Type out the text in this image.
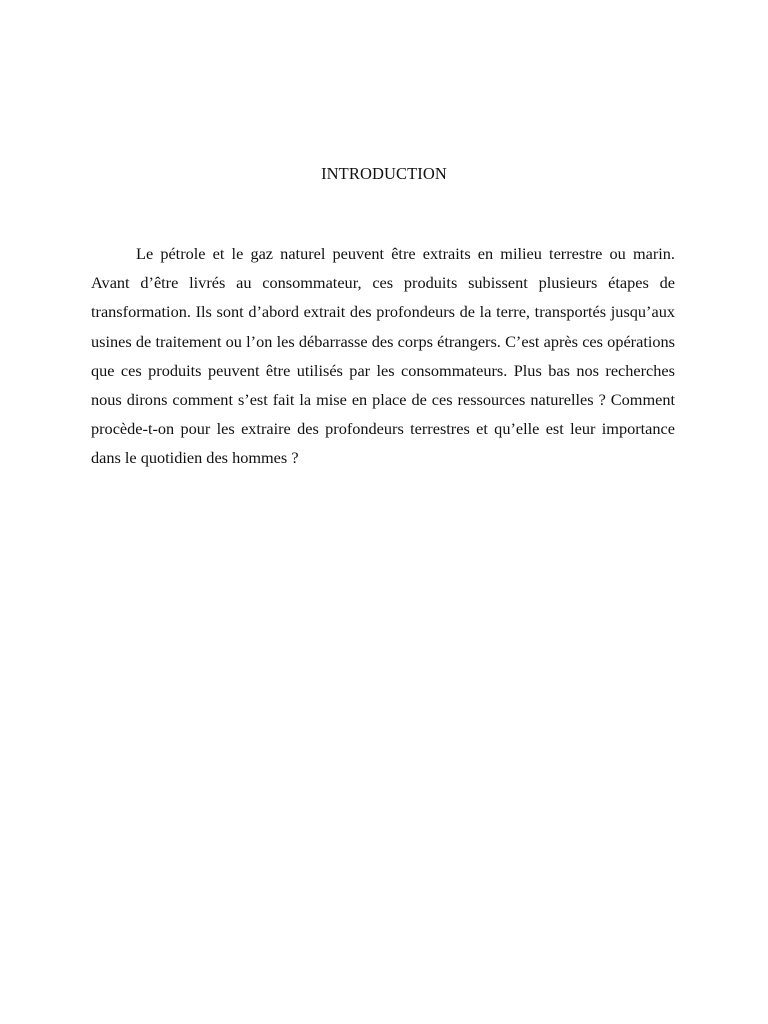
INTRODUCTION

Le pétrole et le gaz naturel peuvent être extraits en milieu terrestre ou marin. Avant d’être livrés au consommateur, ces produits subissent plusieurs étapes de transformation. Ils sont d’abord extrait des profondeurs de la terre, transportés jusqu’aux usines de traitement ou l’on les débarrasse des corps étrangers. C’est après ces opérations que ces produits peuvent être utilisés par les consommateurs. Plus bas nos recherches nous dirons comment s’est fait la mise en place de ces ressources naturelles ? Comment procède-t-on pour les extraire des profondeurs terrestres et qu’elle est leur importance dans le quotidien des hommes ?
